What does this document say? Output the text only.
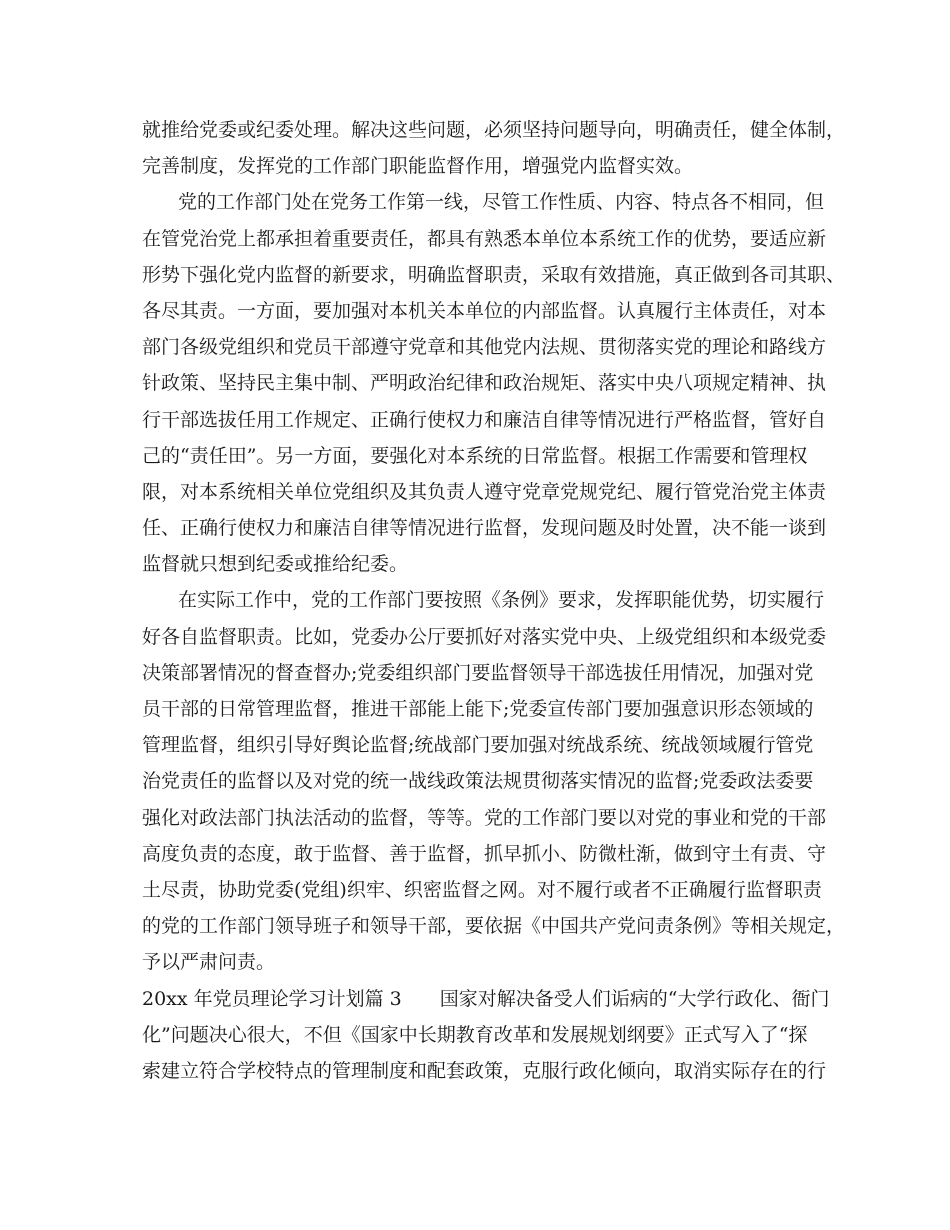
就推给党委或纪委处理。解决这些问题，必须坚持问题导向，明确责任，健全体制，
完善制度，发挥党的工作部门职能监督作用，增强党内监督实效。
党的工作部门处在党务工作第一线，尽管工作性质、内容、特点各不相同，但
在管党治党上都承担着重要责任，都具有熟悉本单位本系统工作的优势，要适应新
形势下强化党内监督的新要求，明确监督职责，采取有效措施，真正做到各司其职、
各尽其责。一方面，要加强对本机关本单位的内部监督。认真履行主体责任，对本
部门各级党组织和党员干部遵守党章和其他党内法规、贯彻落实党的理论和路线方
针政策、坚持民主集中制、严明政治纪律和政治规矩、落实中央八项规定精神、执
行干部选拔任用工作规定、正确行使权力和廉洁自律等情况进行严格监督，管好自
己的“责任田”。另一方面，要强化对本系统的日常监督。根据工作需要和管理权
限，对本系统相关单位党组织及其负责人遵守党章党规党纪、履行管党治党主体责
任、正确行使权力和廉洁自律等情况进行监督，发现问题及时处置，决不能一谈到
监督就只想到纪委或推给纪委。
在实际工作中，党的工作部门要按照《条例》要求，发挥职能优势，切实履行
好各自监督职责。比如，党委办公厅要抓好对落实党中央、上级党组织和本级党委
决策部署情况的督查督办;党委组织部门要监督领导干部选拔任用情况，加强对党
员干部的日常管理监督，推进干部能上能下;党委宣传部门要加强意识形态领域的
管理监督，组织引导好舆论监督;统战部门要加强对统战系统、统战领域履行管党
治党责任的监督以及对党的统一战线政策法规贯彻落实情况的监督;党委政法委要
强化对政法部门执法活动的监督，等等。党的工作部门要以对党的事业和党的干部
高度负责的态度，敢于监督、善于监督，抓早抓小、防微杜渐，做到守土有责、守
土尽责，协助党委(党组)织牢、织密监督之网。对不履行或者不正确履行监督职责
的党的工作部门领导班子和领导干部，要依据《中国共产党问责条例》等相关规定，
予以严肃问责。
20xx 年党员理论学习计划篇 3　　国家对解决备受人们诟病的“大学行政化、衙门
化”问题决心很大，不但《国家中长期教育改革和发展规划纲要》正式写入了“探
索建立符合学校特点的管理制度和配套政策，克服行政化倾向，取消实际存在的行
